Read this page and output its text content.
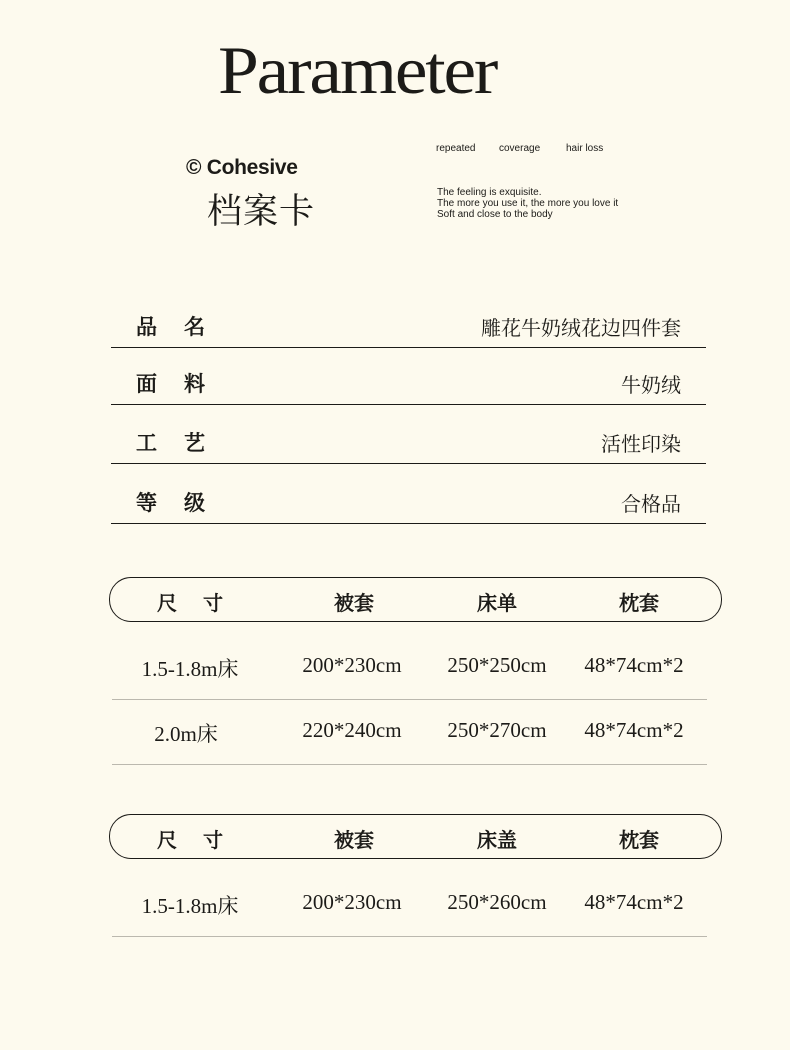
Parameter
© Cohesive
档案卡
repeated coverage	hair loss
The feeling is exquisite.
The more you use it, the more you love it
Soft and close to the body
品名	雕花牛奶绒花边四件套
面料	牛奶绒
工艺	活性印染
等级	合格品
尺寸	被套	床单	枕套
1.5-1.8m床	200*230cm 250*250cm 48*74cm*2
2.0m床	220*240cm 250*270cm 48*74cm*2
尺寸	被套	床盖	枕套
1.5-1.8m床	200*230cm 250*260cm 48*74cm*2
